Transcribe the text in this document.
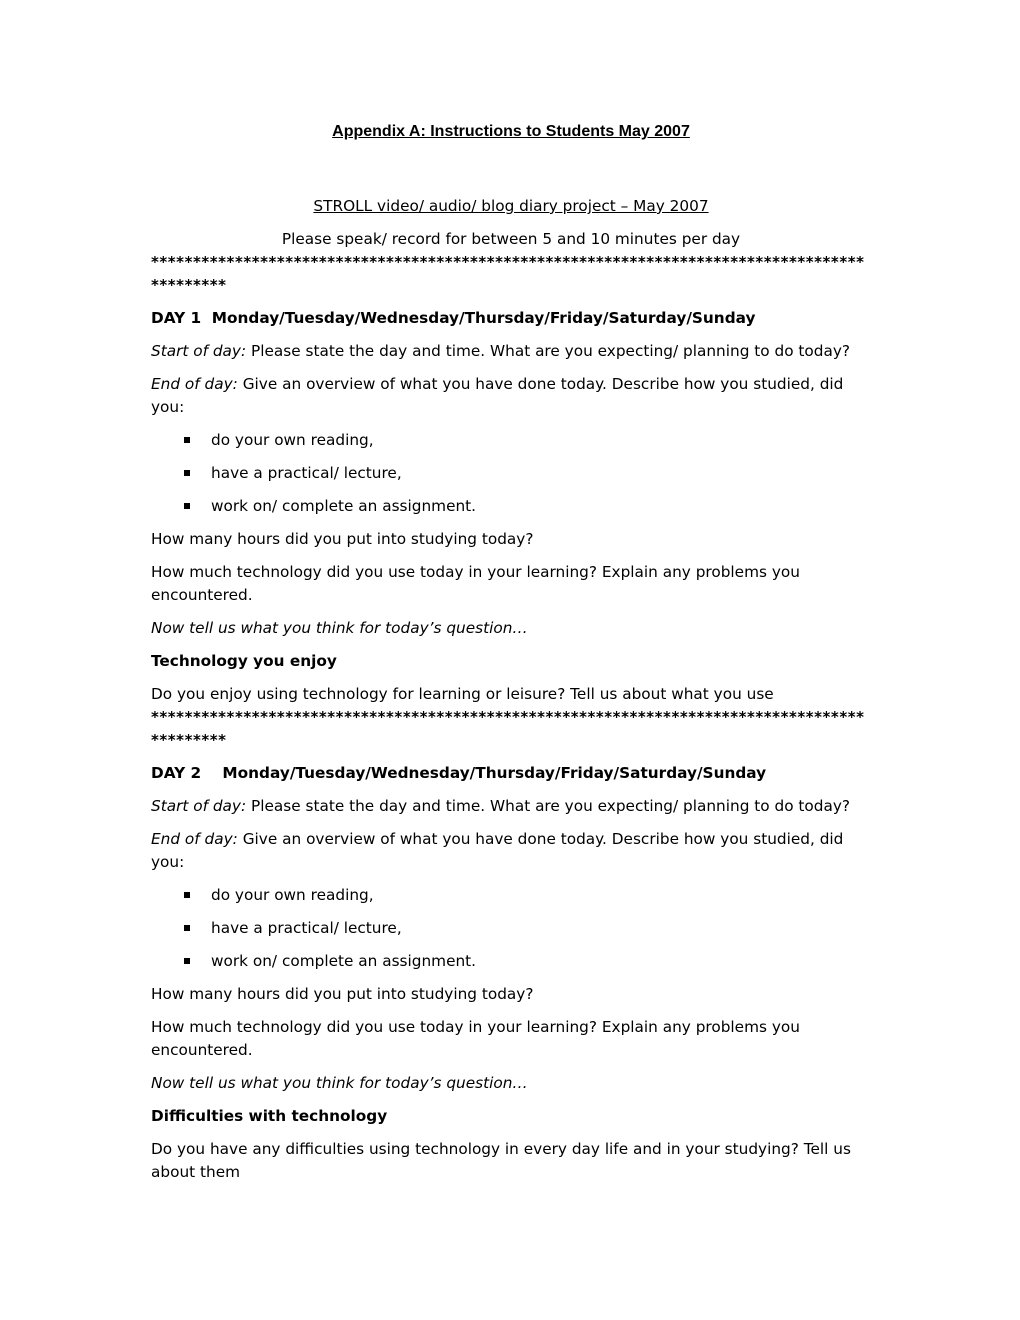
Appendix A: Instructions to Students May 2007
STROLL video/ audio/ blog diary project – May 2007
Please speak/ record for between 5 and 10 minutes per day
*************************************************************************************
*********
DAY 1  Monday/Tuesday/Wednesday/Thursday/Friday/Saturday/Sunday

Start of day: Please state the day and time. What are you expecting/ planning to do today?

End of day: Give an overview of what you have done today. Describe how you studied, did you:

do your own reading,
have a practical/ lecture,
work on/ complete an assignment.

How many hours did you put into studying today?

How much technology did you use today in your learning? Explain any problems you encountered.

Now tell us what you think for today’s question…

Technology you enjoy

Do you enjoy using technology for learning or leisure? Tell us about what you use

*************************************************************************************
*********
DAY 2    Monday/Tuesday/Wednesday/Thursday/Friday/Saturday/Sunday

Start of day: Please state the day and time. What are you expecting/ planning to do today?

End of day: Give an overview of what you have done today. Describe how you studied, did you:

do your own reading,
have a practical/ lecture,
work on/ complete an assignment.

How many hours did you put into studying today?

How much technology did you use today in your learning? Explain any problems you encountered.

Now tell us what you think for today’s question…

Difficulties with technology

Do you have any difficulties using technology in every day life and in your studying? Tell us about them
